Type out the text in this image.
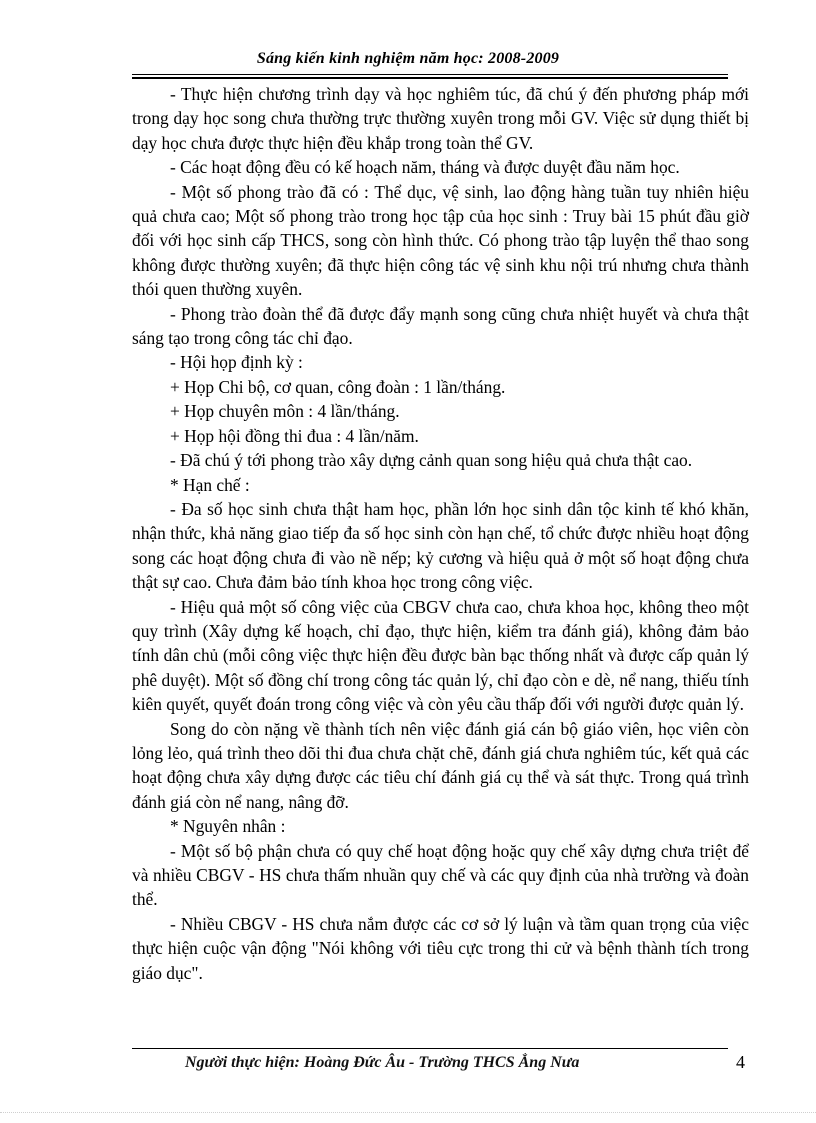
Sáng kiến kinh nghiệm năm học: 2008-2009

- Thực hiện chương trình dạy và học nghiêm túc, đã chú ý đến phương pháp mới trong dạy học song chưa thường trực thường xuyên trong mỗi GV. Việc sử dụng thiết bị dạy học chưa được thực hiện đều khắp trong toàn thể GV.

- Các hoạt động đều có kế hoạch năm, tháng và được duyệt đầu năm học.

- Một số phong trào đã có : Thể dục, vệ sinh, lao động hàng tuần tuy nhiên hiệu quả chưa cao; Một số phong trào trong học tập của học sinh : Truy bài 15 phút đầu giờ đối với học sinh cấp THCS, song còn hình thức. Có phong trào tập luyện thể thao song không được thường xuyên; đã thực hiện công tác vệ sinh khu nội trú nhưng chưa thành thói quen thường xuyên.

- Phong trào đoàn thể đã được đẩy mạnh song cũng chưa nhiệt huyết và chưa thật sáng tạo trong công tác chỉ đạo.

- Hội họp định kỳ :

+ Họp Chi bộ, cơ quan, công đoàn : 1 lần/tháng.

+ Họp chuyên môn : 4 lần/tháng.

+ Họp hội đồng thi đua : 4 lần/năm.

- Đã chú ý tới phong trào xây dựng cảnh quan song hiệu quả chưa thật cao.

* Hạn chế :

- Đa số học sinh chưa thật ham học, phần lớn học sinh dân tộc kinh tế khó khăn, nhận thức, khả năng giao tiếp đa số học sinh còn hạn chế, tổ chức được nhiều hoạt động song các hoạt động chưa đi vào nề nếp; kỷ cương và hiệu quả ở một số hoạt động chưa thật sự cao. Chưa đảm bảo tính khoa học trong công việc.

- Hiệu quả một số công việc của CBGV chưa cao, chưa khoa học, không theo một quy trình (Xây dựng kế hoạch, chỉ đạo, thực hiện, kiểm tra đánh giá), không đảm bảo tính dân chủ (mỗi công việc thực hiện đều được bàn bạc thống nhất và được cấp quản lý phê duyệt). Một số đồng chí trong công tác quản lý, chỉ đạo còn e dè, nể nang, thiếu tính kiên quyết, quyết đoán trong công việc và còn yêu cầu thấp đối với người được quản lý.

Song do còn nặng về thành tích nên việc đánh giá cán bộ giáo viên, học viên còn lỏng lẻo, quá trình theo dõi thi đua chưa chặt chẽ, đánh giá chưa nghiêm túc, kết quả các hoạt động chưa xây dựng được các tiêu chí đánh giá cụ thể và sát thực. Trong quá trình đánh giá còn nể nang, nâng đỡ.

* Nguyên nhân :

- Một số bộ phận chưa có quy chế hoạt động hoặc quy chế xây dựng chưa triệt để và nhiều CBGV - HS chưa thấm nhuần quy chế và các quy định của nhà trường và đoàn thể.

- Nhiều CBGV - HS chưa nắm được các cơ sở lý luận và tầm quan trọng của việc thực hiện cuộc vận động "Nói không với tiêu cực trong thi cử và bệnh thành tích trong giáo dục".

Người thực hiện: Hoàng Đức Âu - Trường THCS Ẳng Nưa	4
